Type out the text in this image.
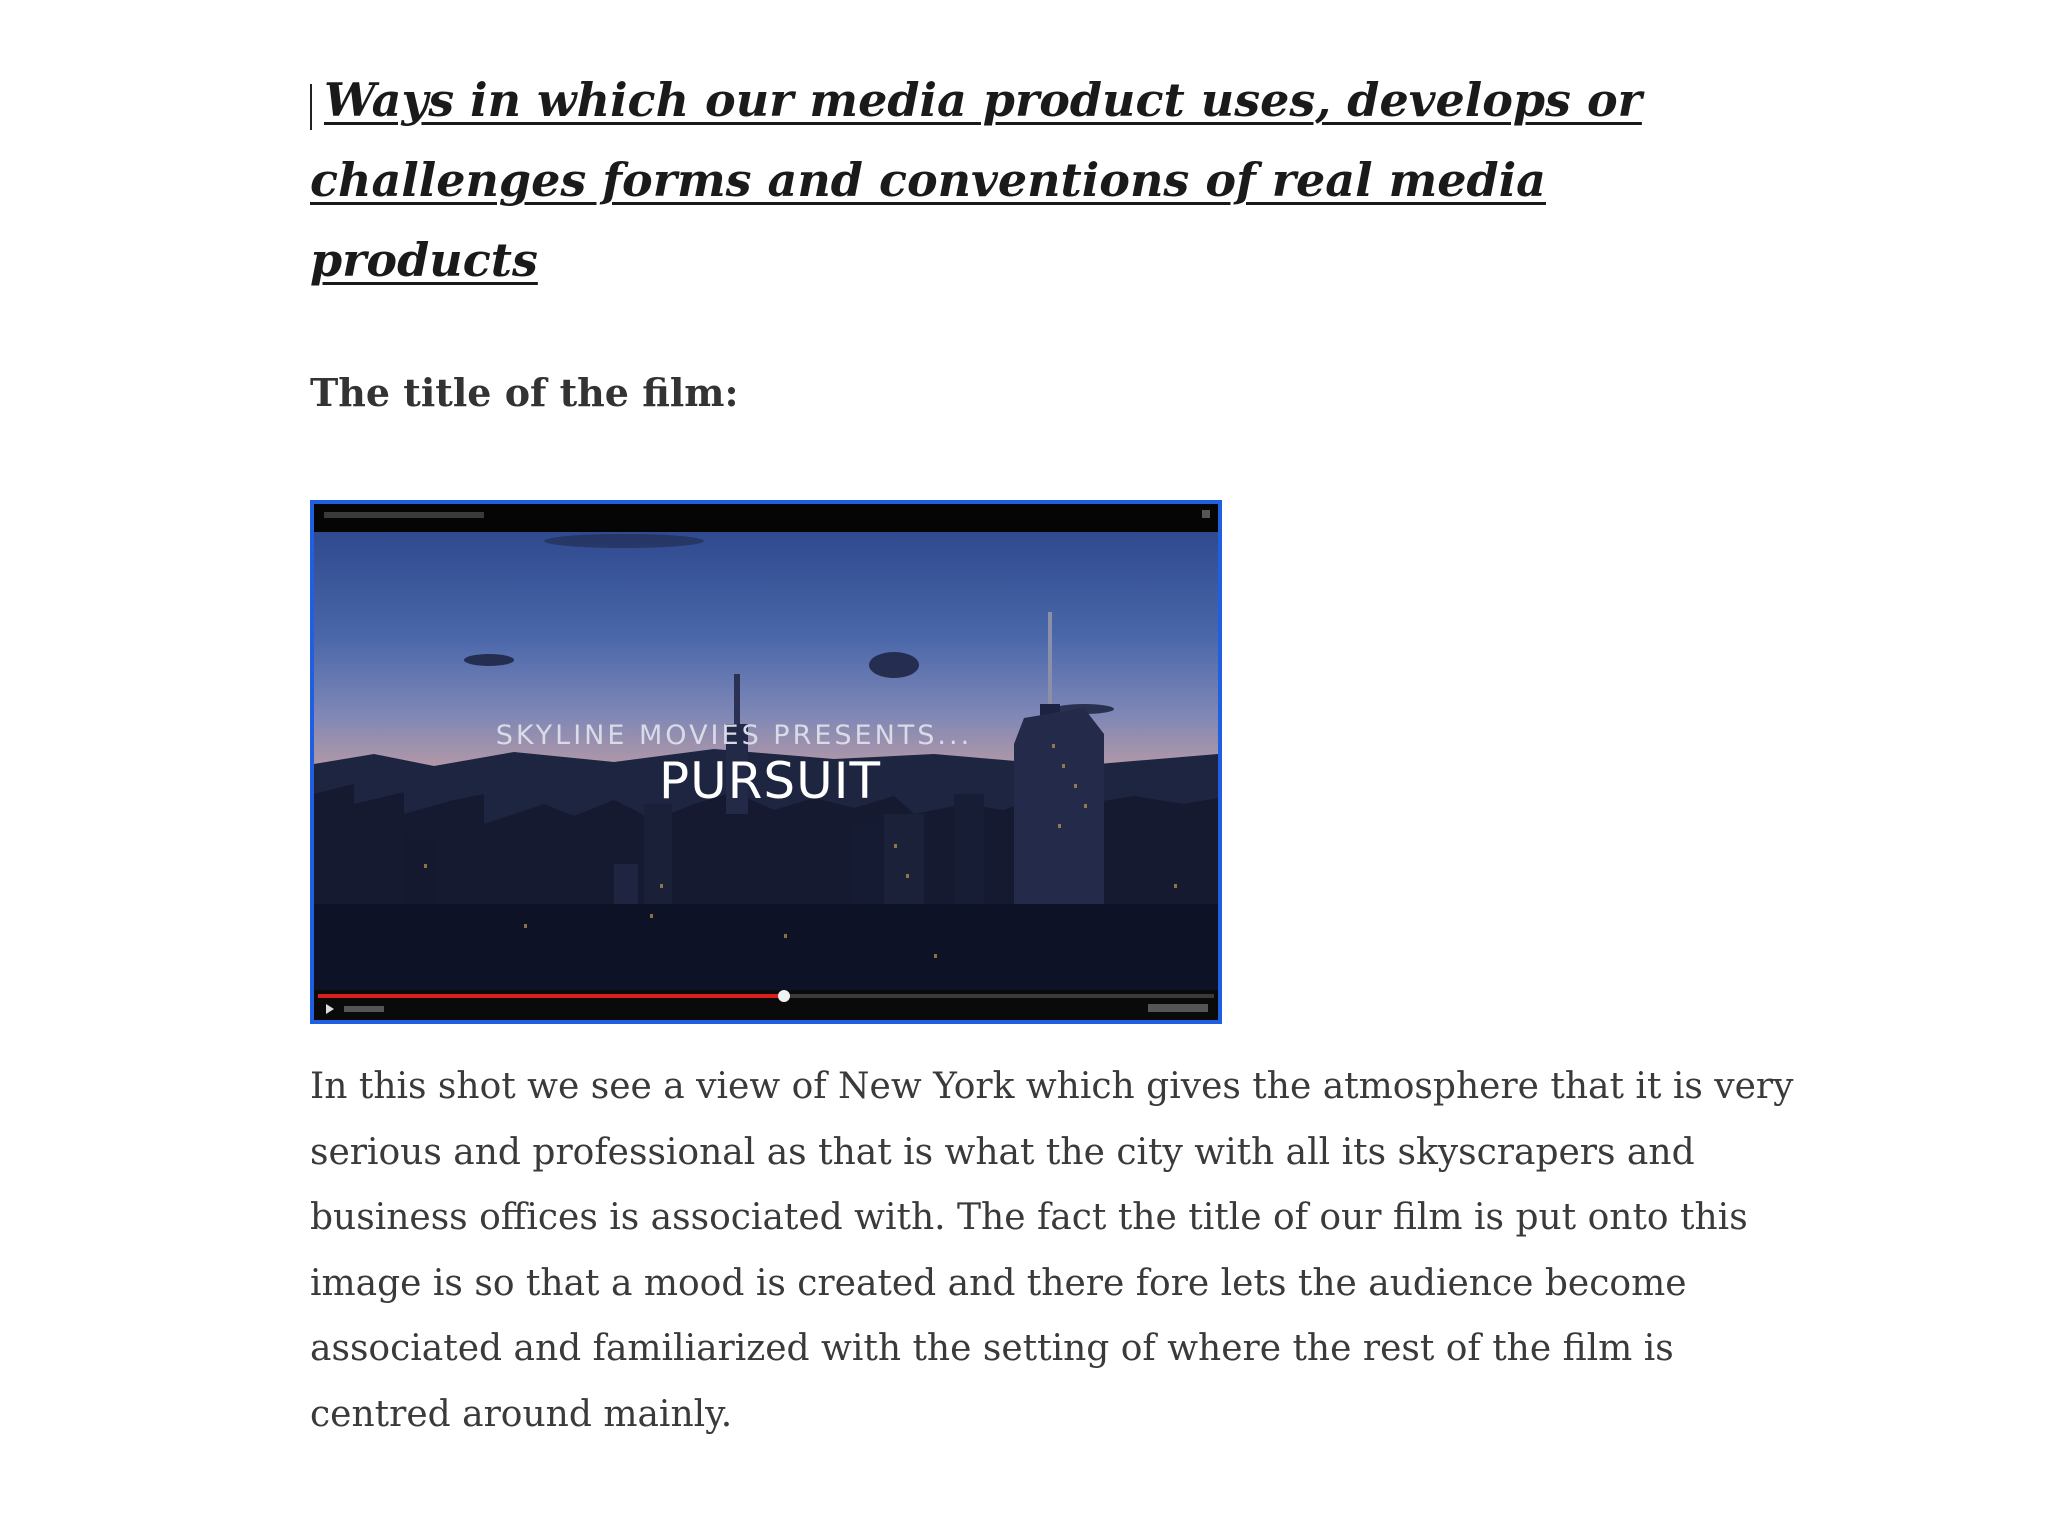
Ways in which our media product uses, develops or challenges forms and conventions of real media products
The title of the film:
SKYLINE MOVIES PRESENTS...
PURSUIT

In this shot we see a view of New York which gives the atmosphere that it is very serious and professional as that is what the city with all its skyscrapers and business offices is associated with. The fact the title of our film is put onto this image is so that a mood is created and there fore lets the audience become associated and familiarized with the setting of where the rest of the film is centred around mainly.
